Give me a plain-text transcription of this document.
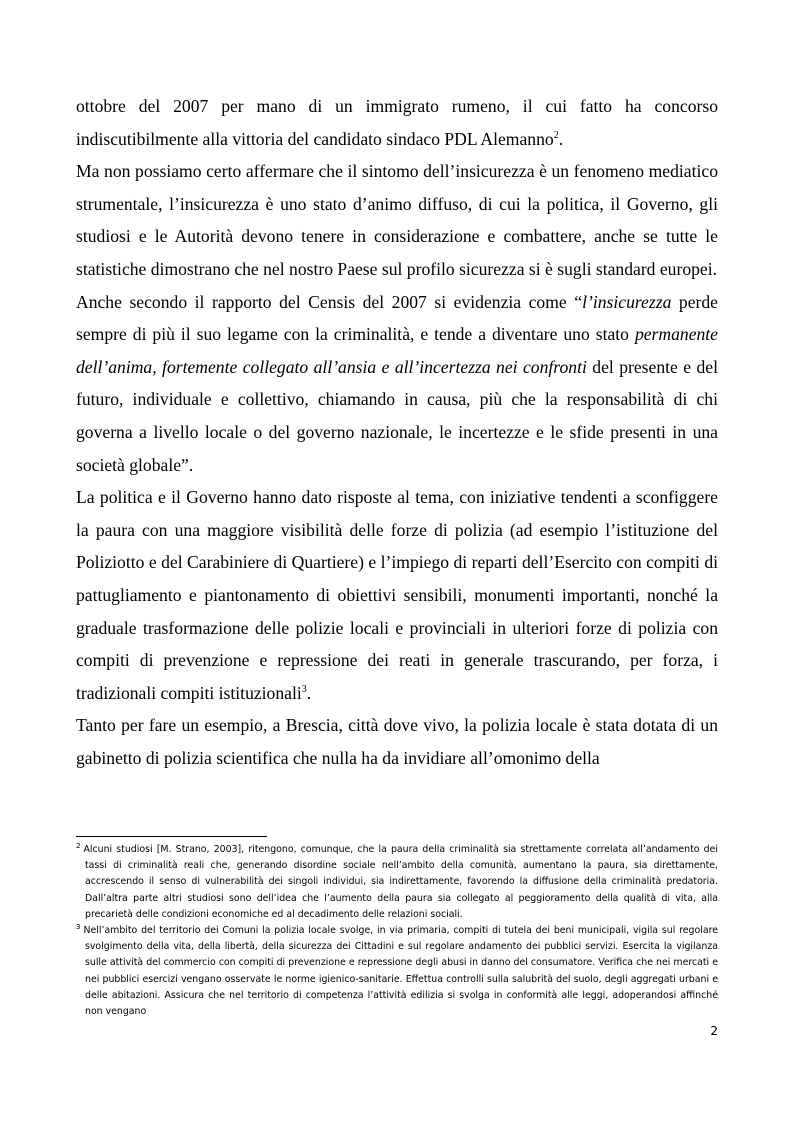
ottobre del 2007 per mano di un immigrato rumeno, il cui fatto ha concorso indiscutibilmente alla vittoria del candidato sindaco PDL Alemanno$^2$.

Ma non possiamo certo affermare che il sintomo dell’insicurezza è un fenomeno mediatico strumentale, l’insicurezza è uno stato d’animo diffuso, di cui la politica, il Governo, gli studiosi e le Autorità devono tenere in considerazione e combattere, anche se tutte le statistiche dimostrano che nel nostro Paese sul profilo sicurezza si è sugli standard europei.

Anche secondo il rapporto del Censis del 2007 si evidenzia come “l’insicurezza perde sempre di più il suo legame con la criminalità, e tende a diventare uno stato permanente dell’anima, fortemente collegato all’ansia e all’incertezza nei confronti del presente e del futuro, individuale e collettivo, chiamando in causa, più che la responsabilità di chi governa a livello locale o del governo nazionale, le incertezze e le sfide presenti in una società globale”.

La politica e il Governo hanno dato risposte al tema, con iniziative tendenti a sconfiggere la paura con una maggiore visibilità delle forze di polizia (ad esempio l’istituzione del Poliziotto e del Carabiniere di Quartiere) e l’impiego di reparti dell’Esercito con compiti di pattugliamento e piantonamento di obiettivi sensibili, monumenti importanti, nonché la graduale trasformazione delle polizie locali e provinciali in ulteriori forze di polizia con compiti di prevenzione e repressione dei reati in generale trascurando, per forza, i tradizionali compiti istituzionali$^3$.

Tanto per fare un esempio, a Brescia, città dove vivo, la polizia locale è stata dotata di un gabinetto di polizia scientifica che nulla ha da invidiare all’omonimo della

$^2$ Alcuni studiosi [M. Strano, 2003], ritengono, comunque, che la paura della criminalità sia strettamente correlata all’andamento dei tassi di criminalità reali che, generando disordine sociale nell’ambito della comunità, aumentano la paura, sia direttamente, accrescendo il senso di vulnerabilità dei singoli individui, sia indirettamente, favorendo la diffusione della criminalità predatoria. Dall’altra parte altri studiosi sono dell’idea che l’aumento della paura sia collegato al peggioramento della qualità di vita, alla precarietà delle condizioni economiche ed al decadimento delle relazioni sociali.

$^3$ Nell’ambito del territorio dei Comuni la polizia locale svolge, in via primaria, compiti di tutela dei beni municipali, vigila sul regolare svolgimento della vita, della libertà, della sicurezza dei Cittadini e sul regolare andamento dei pubblici servizi. Esercita la vigilanza sulle attività del commercio con compiti di prevenzione e repressione degli abusi in danno del consumatore. Verifica che nei mercati e nei pubblici esercizi vengano osservate le norme igienico-sanitarie. Effettua controlli sulla salubrità del suolo, degli aggregati urbani e delle abitazioni. Assicura che nel territorio di competenza l’attività edilizia si svolga in conformità alle leggi, adoperandosi affinché non vengano

2
